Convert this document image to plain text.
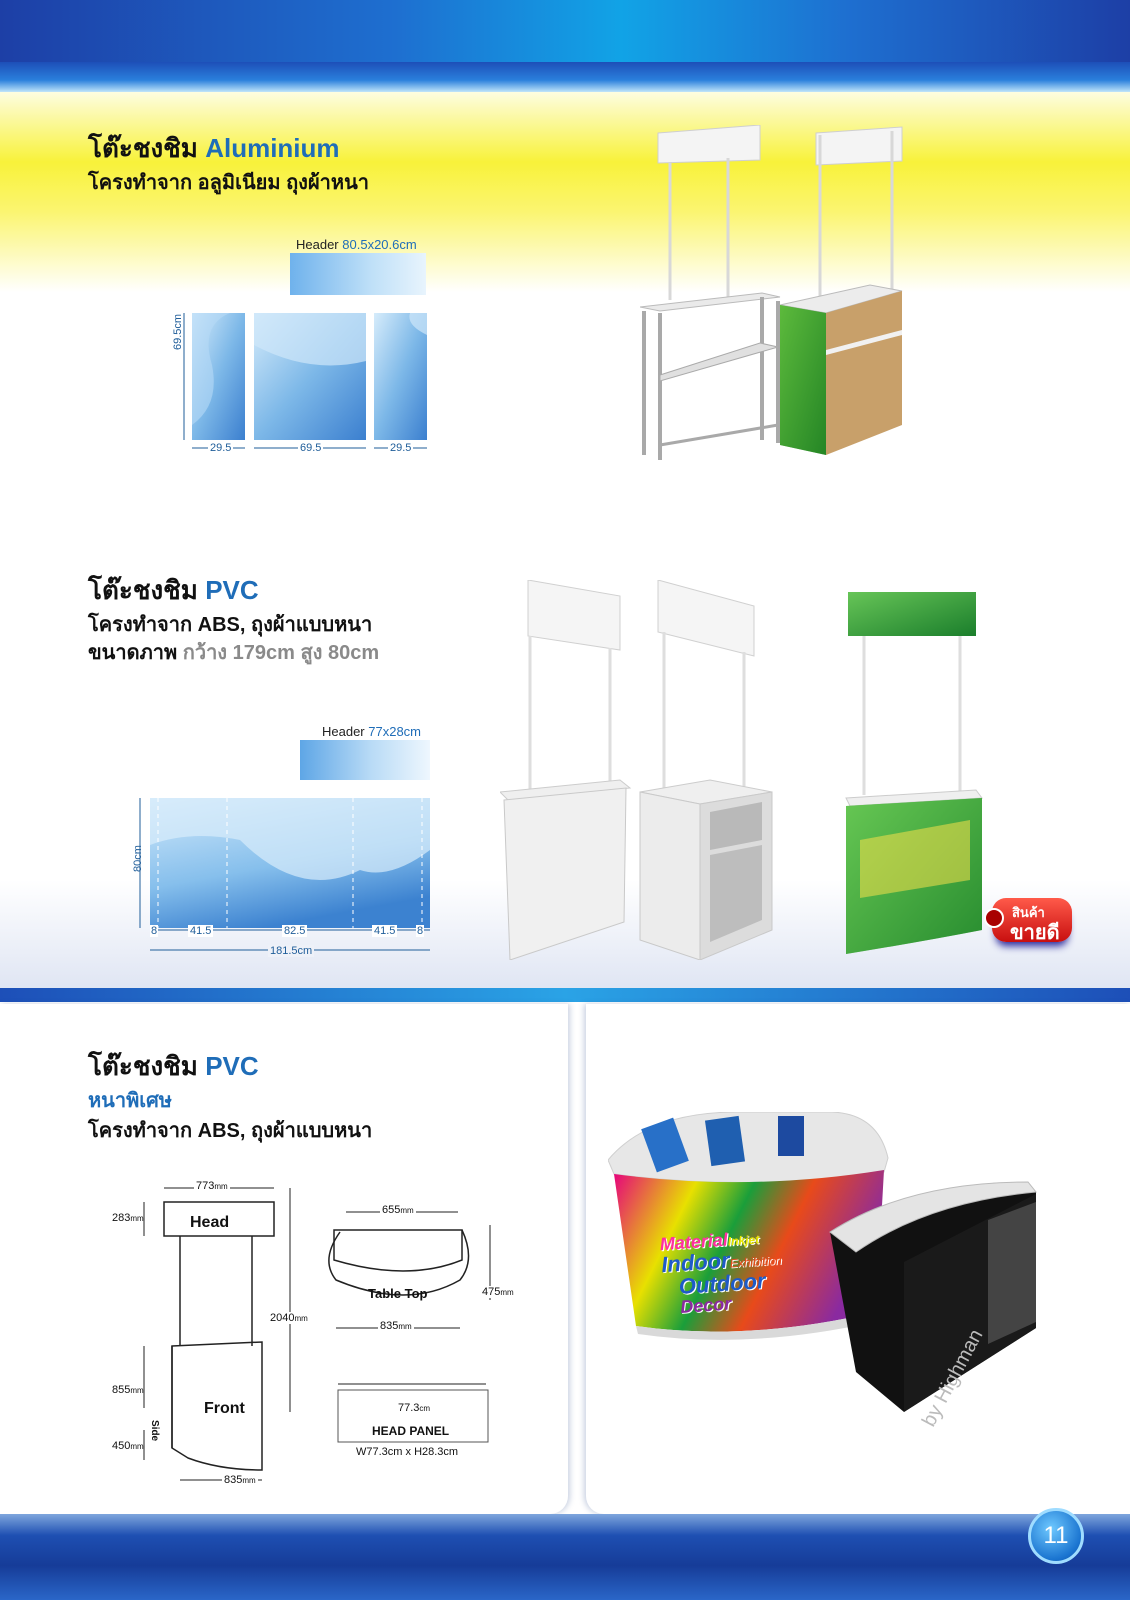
โต๊ะชงชิม Aluminium
โครงทำจาก อลูมิเนียม ถุงผ้าหนา
Header 80.5x20.6cm
69.5cm
29.5	69.5	29.5
โต๊ะชงชิม PVC
โครงทำจาก ABS, ถุงผ้าแบบหนา
ขนาดภาพ กว้าง 179cm สูง 80cm
Header 77x28cm
80cm
8	41.5	82.5	41.5 8
181.5cm
สินค้า
ขายดี
โต๊ะชงชิม PVC
หนาพิเศษ
โครงทำจาก ABS, ถุงผ้าแบบหนา
Head
Front
Side
773mm
283mm
2040mm
855mm
450mm
835mm
Table Top
655mm
835mm
475mm
77.3cm
HEAD PANEL
W77.3cm x H28.3cm
MaterialInkjet
IndoorExhibition
Outdoor
Decor
by Highman
11
